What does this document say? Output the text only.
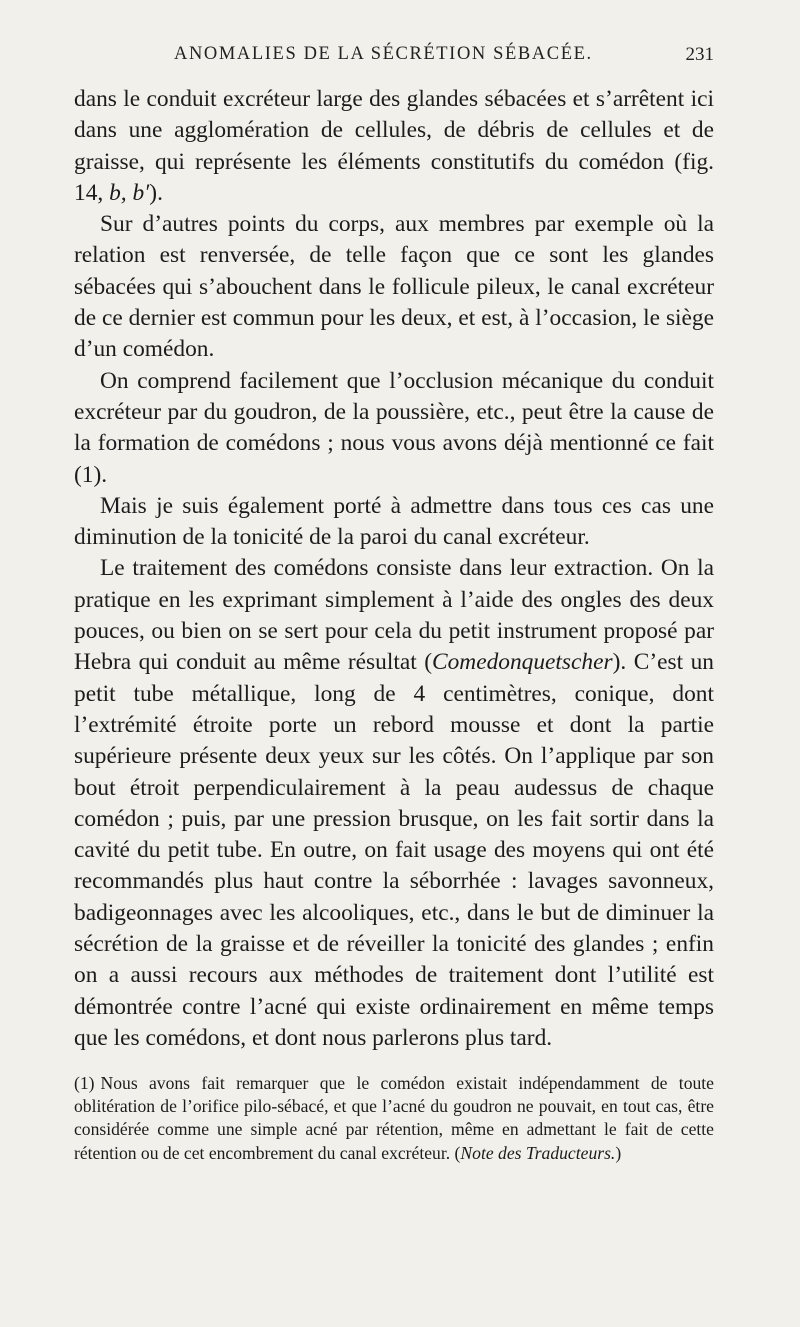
ANOMALIES DE LA SÉCRÉTION SÉBACÉE.	231

dans le conduit excréteur large des glandes sébacées et s’arrêtent ici dans une agglomération de cellules, de débris de cellules et de graisse, qui représente les éléments constitutifs du comédon (fig. 14, b, b′).

Sur d’autres points du corps, aux membres par exemple où la relation est renversée, de telle façon que ce sont les glandes sébacées qui s’abouchent dans le follicule pileux, le canal excréteur de ce dernier est commun pour les deux, et est, à l’occasion, le siège d’un comédon.

On comprend facilement que l’occlusion mécanique du conduit excréteur par du goudron, de la poussière, etc., peut être la cause de la formation de comédons ; nous vous avons déjà mentionné ce fait (1).

Mais je suis également porté à admettre dans tous ces cas une diminution de la tonicité de la paroi du canal excréteur.

Le traitement des comédons consiste dans leur extraction. On la pratique en les exprimant simplement à l’aide des ongles des deux pouces, ou bien on se sert pour cela du petit instrument proposé par Hebra qui conduit au même résultat (Comedonquetscher). C’est un petit tube métallique, long de 4 centimètres, conique, dont l’extrémité étroite porte un rebord mousse et dont la partie supérieure présente deux yeux sur les côtés. On l’applique par son bout étroit perpendiculairement à la peau audessus de chaque comédon ; puis, par une pression brusque, on les fait sortir dans la cavité du petit tube. En outre, on fait usage des moyens qui ont été recommandés plus haut contre la séborrhée : lavages savonneux, badigeonnages avec les alcooliques, etc., dans le but de diminuer la sécrétion de la graisse et de réveiller la tonicité des glandes ; enfin on a aussi recours aux méthodes de traitement dont l’utilité est démontrée contre l’acné qui existe ordinairement en même temps que les comédons, et dont nous parlerons plus tard.

(1) Nous avons fait remarquer que le comédon existait indépendamment de toute oblitération de l’orifice pilo-sébacé, et que l’acné du goudron ne pouvait, en tout cas, être considérée comme une simple acné par rétention, même en admettant le fait de cette rétention ou de cet encombrement du canal excréteur. (Note des Traducteurs.)
